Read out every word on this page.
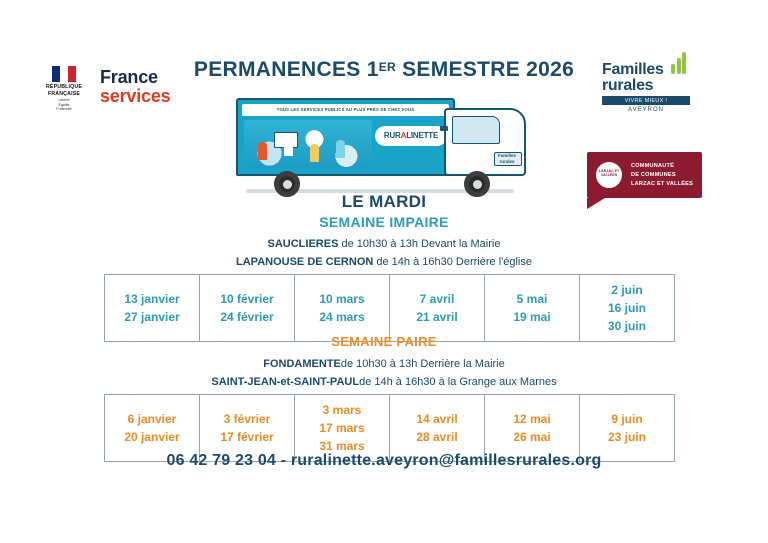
RÉPUBLIQUE
FRANÇAISE
Liberté
Égalité
Fraternité
France
services
Familles
rurales
VIVRE MIEUX !
AVEYRON
LARZAC ET VALLÉES
COMMUNAUTÉ
DE COMMUNES
LARZAC ET VALLÉES
PERMANENCES 1ER SEMESTRE 2026
TOUS LES SERVICES PUBLICS AU PLUS PRÈS DE CHEZ VOUS
RURALINETTE
Familles
rurales
LE MARDI
SEMAINE IMPAIRE
SAUCLIERES de 10h30 à 13h Devant la Mairie
LAPANOUSE DE CERNON de 14h à 16h30 Derrière l'église
13 janvier
27 janvier

10 février
24 février

10 mars
24 mars

7 avril
21 avril

5 mai
19 mai

2 juin
16 juin
30 juin
SEMAINE PAIRE
FONDAMENTEde 10h30 à 13h Derrière la Mairie
SAINT-JEAN-et-SAINT-PAULde 14h à 16h30 à la Grange aux Marnes
6 janvier
20 janvier

3 février
17 février

3 mars
17 mars
31 mars

14 avril
28 avril

12 mai
26 mai

9 juin
23 juin
06 42 79 23 04 - ruralinette.aveyron@famillesrurales.org
